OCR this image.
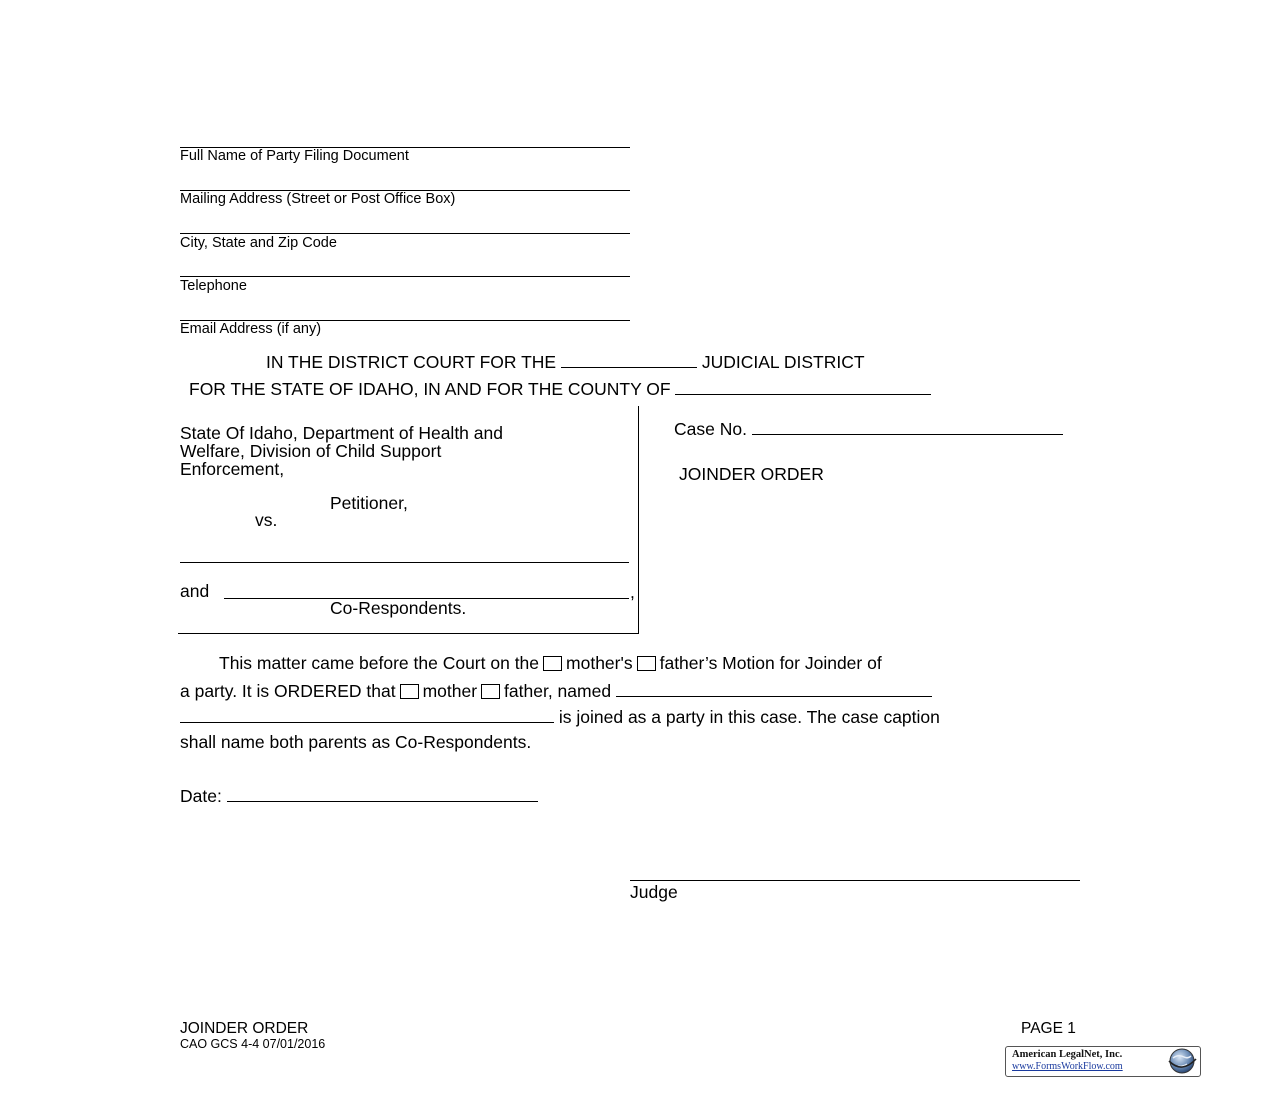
Full Name of Party Filing Document
Mailing Address (Street or Post Office Box)
City, State and Zip Code
Telephone
Email Address (if any)
IN THE DISTRICT COURT FOR THE	JUDICIAL DISTRICT
FOR THE STATE OF IDAHO, IN AND FOR THE COUNTY OF
State Of Idaho, Department of Health and
Welfare, Division of Child Support
Enforcement,
Petitioner,
vs.
and	,
Co-Respondents.
Case No.
JOINDER ORDER
This matter came before the Court on the mother's father’s Motion for Joinder of
a party. It is ORDERED that mother father, named
is joined as a party in this case. The case caption
shall name both parents as Co-Respondents.
Date:
Judge
JOINDER ORDER
CAO GCS 4-4 07/01/2016
PAGE 1
American LegalNet, Inc.
www.FormsWorkFlow.com
